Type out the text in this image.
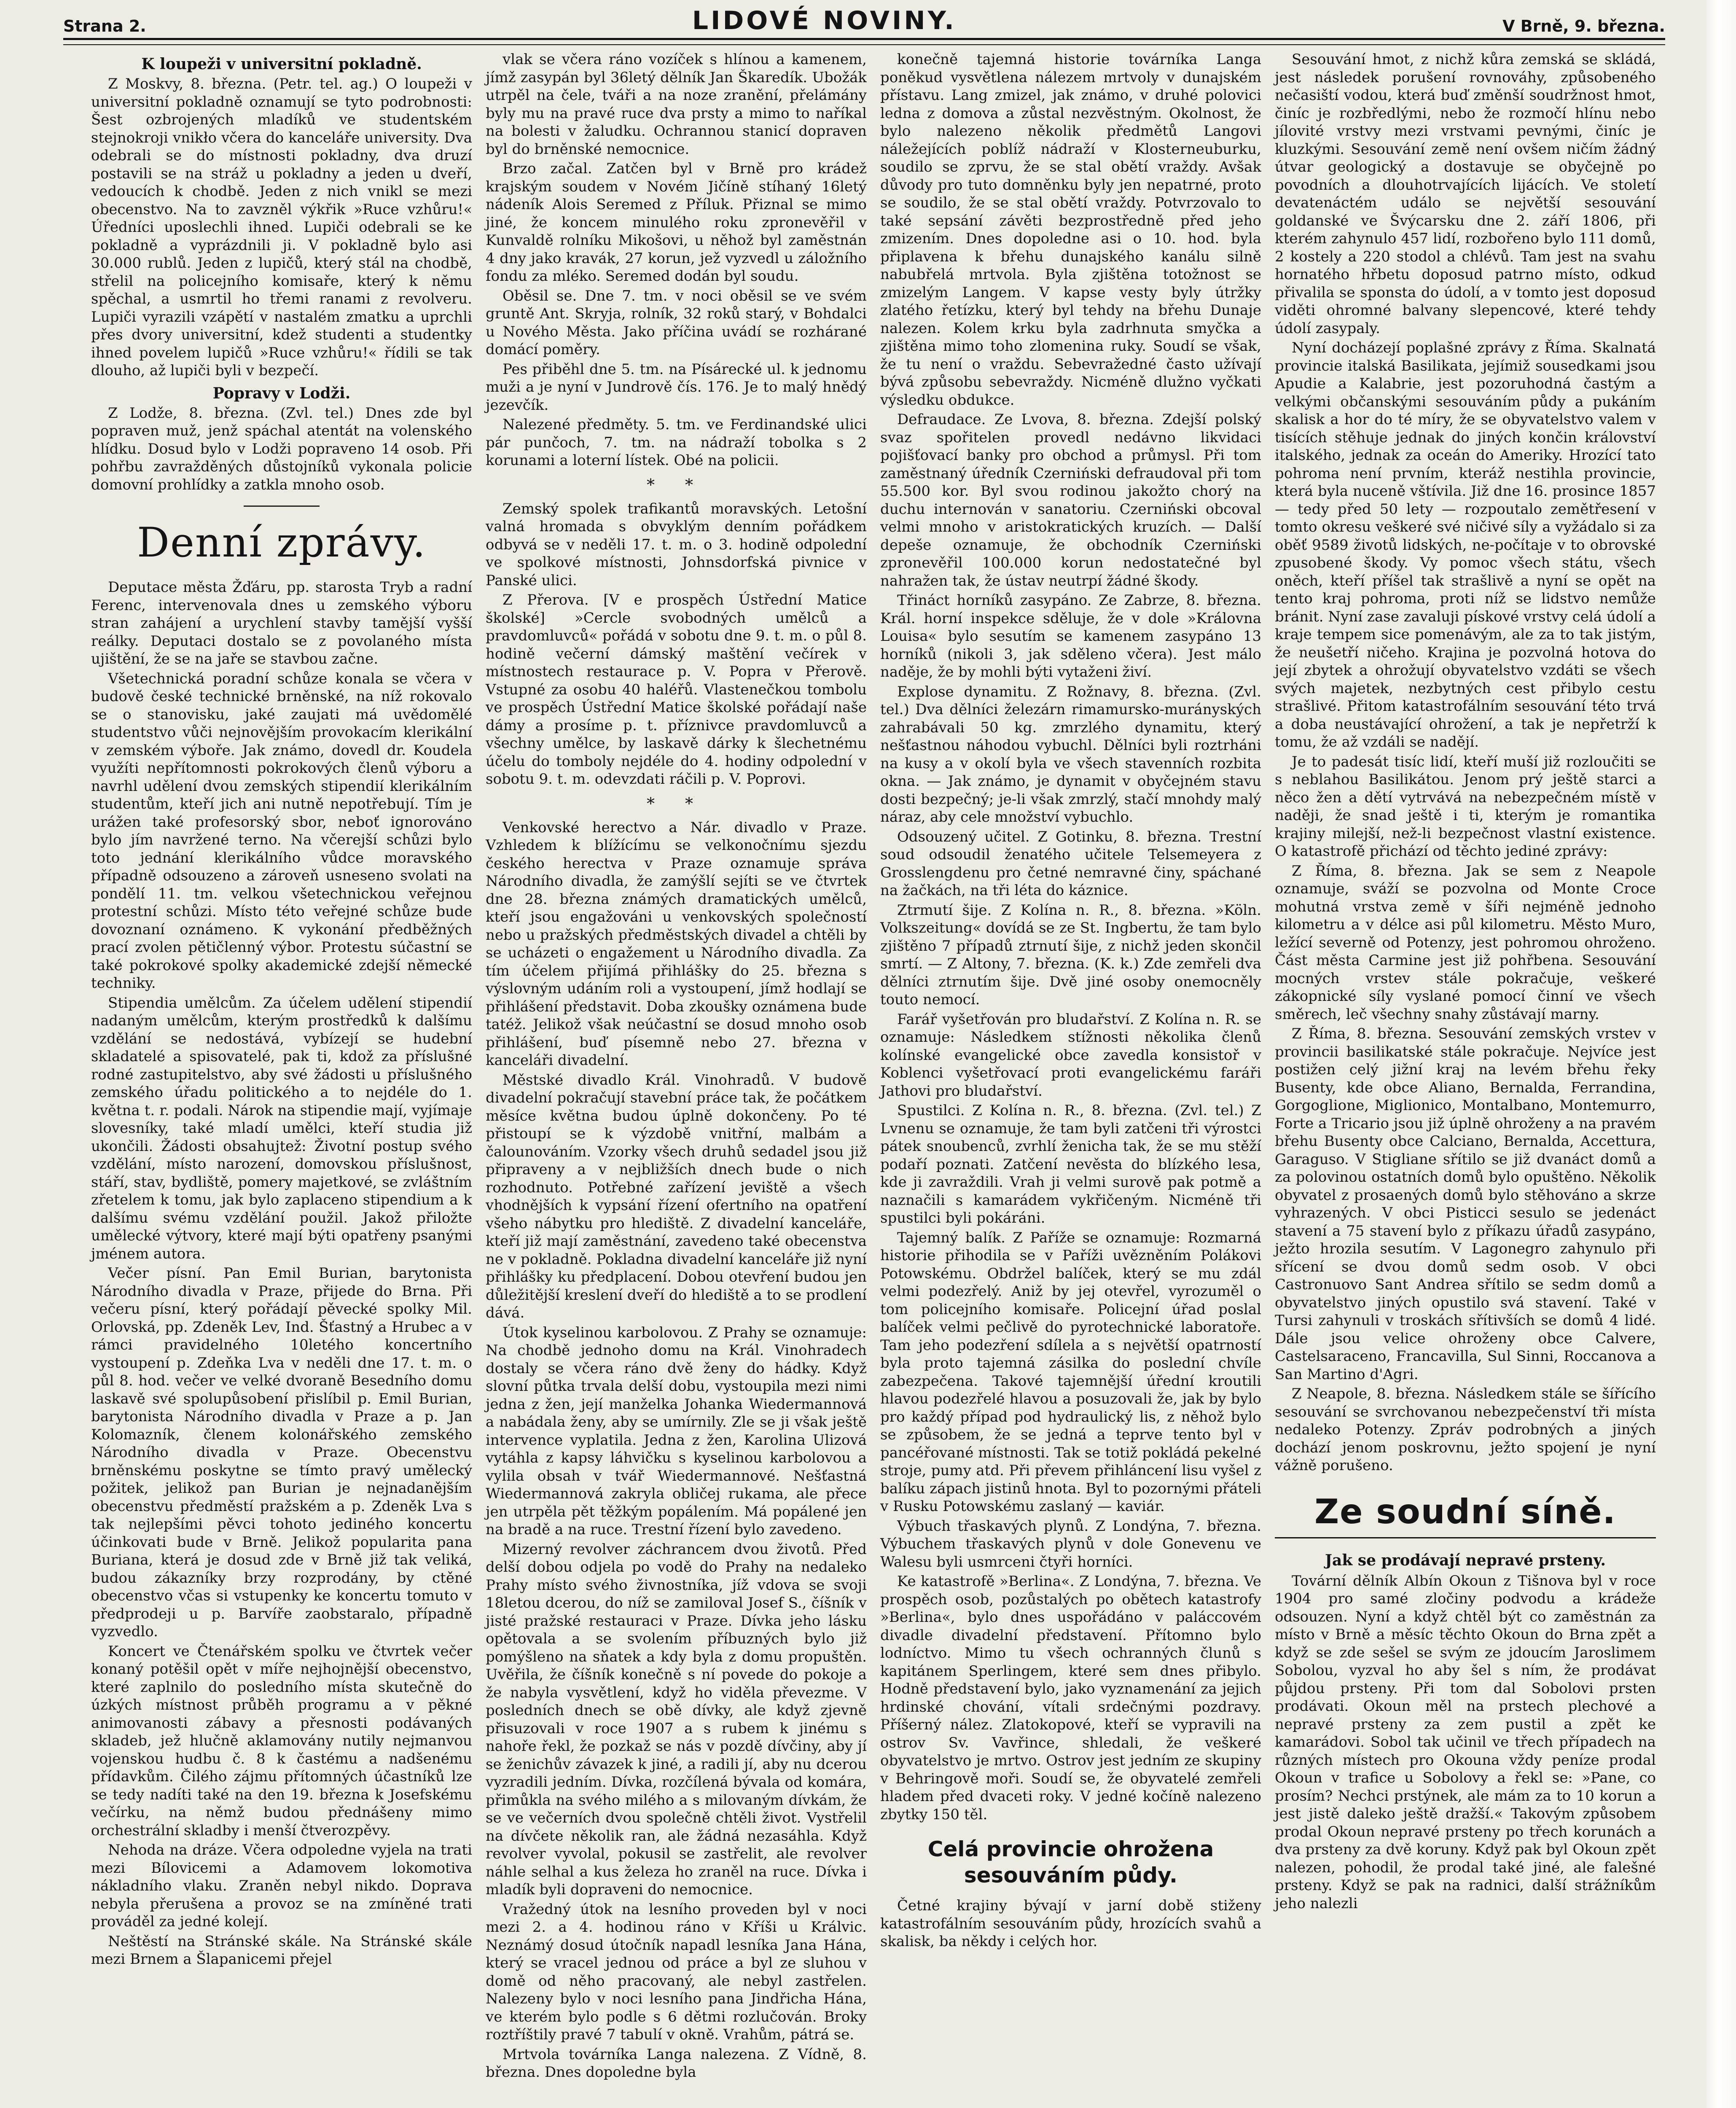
Strana 2.	LIDOVÉ NOVINY.	V Brně, 9. března.
K loupeži v universitní pokladně.

Z Moskvy, 8. března. (Petr. tel. ag.) O loupeži v universitní pokladně oznamují se tyto podrobnosti: Šest ozbrojených mladíků ve studentském stejnokroji vnikło včera do kanceláře university. Dva odebrali se do místnosti pokladny, dva druzí postavili se na stráž u pokladny a jeden u dveří, vedoucích k chodbě. Jeden z nich vnikl se mezi obecenstvo. Na to zavzněl výkřik »Ruce vzhůru!« Úředníci uposlechli ihned. Lupiči odebrali se ke pokladně a vyprázdnili ji. V pokladně bylo asi 30.000 rublů. Jeden z lupičů, který stál na chodbě, střelil na policejního komisaře, který k němu spěchal, a usmrtil ho třemi ranami z revolveru. Lupiči vyrazili vzápětí v nastalém zmatku a uprchli přes dvory universitní, kdež studenti a studentky ihned povelem lupičů »Ruce vzhůru!« řídili se tak dlouho, až lupiči byli v bezpečí.

Popravy v Lodži.

Z Lodže, 8. března. (Zvl. tel.) Dnes zde byl popraven muž, jenž spáchal atentát na volenského hlídku. Dosud bylo v Lodži popraveno 14 osob. Při pohřbu zavražděných důstojníků vykonala policie domovní prohlídky a zatkla mnoho osob.

Denní zprávy.

Deputace města Žďáru, pp. starosta Tryb a radní Ferenc, intervenovala dnes u zemského výboru stran zahájení a urychlení stavby tamější vyšší reálky. Deputaci dostalo se z povolaného místa ujištění, že se na jaře se stavbou začne.

Všetechnická poradní schůze konala se včera v budově české technické brněnské, na níž rokovalo se o stanovisku, jaké zaujati má uvědomělé studentstvo vůči nejnovějším provokacím klerikální v zemském výboře. Jak známo, dovedl dr. Koudela využíti nepřítomnosti pokrokových členů výboru a navrhl udělení dvou zemských stipendií klerikálním studentům, kteří jich ani nutně nepotřebují. Tím je urážen také profesorský sbor, neboť ignorováno bylo jím navržené terno. Na včerejší schůzi bylo toto jednání klerikálního vůdce moravského případně odsouzeno a zároveň usneseno svolati na pondělí 11. tm. velkou všetechnickou veřejnou protestní schůzi. Místo této veřejné schůze bude dovoznaní oznámeno. K vykonání předběžných prací zvolen pětičlenný výbor. Protestu súčastní se také pokrokové spolky akademické zdejší německé techniky.

Stipendia umělcům. Za účelem udělení stipendií nadaným umělcům, kterým prostředků k dalšímu vzdělání se nedostává, vybízejí se hudební skladatelé a spisovatelé, pak ti, kdož za příslušné rodné zastupitelstvo, aby své žádosti u příslušného zemského úřadu politického a to nejdéle do 1. května t. r. podali. Nárok na stipendie mají, vyjímaje slovesníky, také mladí umělci, kteří studia již ukončili. Žádosti obsahujtež: Životní postup svého vzdělání, místo narození, domovskou příslušnost, stáří, stav, bydliště, pomery majetkové, se zvláštním zřetelem k tomu, jak bylo zaplaceno stipendium a k dalšímu svému vzdělání použil. Jakož přiložte umělecké výtvory, které mají býti opatřeny psanými jménem autora.

Večer písní. Pan Emil Burian, barytonista Národního divadla v Praze, přijede do Brna. Při večeru písní, který pořádají pěvecké spolky Mil. Orlovská, pp. Zdeněk Lev, Ind. Šťastný a Hrubec a v rámci pravidelného 10letého koncertního vystoupení p. Zdeňka Lva v neděli dne 17. t. m. o půl 8. hod. večer ve velké dvoraně Besedního domu laskavě své spolupůsobení přislíbil p. Emil Burian, barytonista Národního divadla v Praze a p. Jan Kolomazník, členem kolonářského zemského Národního divadla v Praze. Obecenstvu brněnskému poskytne se tímto pravý umělecký požitek, jelikož pan Burian je nejnadanějším obecenstvu předměstí pražském a p. Zdeněk Lva s tak nejlepšími pěvci tohoto jediného koncertu účinkovati bude v Brně. Jelikož popularita pana Buriana, která je dosud zde v Brně již tak veliká, budou zákazníky brzy rozprodány, by ctěné obecenstvo včas si vstupenky ke koncertu tomuto v předprodeji u p. Barvíře zaobstaralo, případně vyzvedlo.

Koncert ve Čtenářském spolku ve čtvrtek večer konaný potěšil opět v míře nejhojnější obecenstvo, které zaplnilo do posledního místa skutečně do úzkých místnost průběh programu a v pěkné animovanosti zábavy a přesnosti podávaných skladeb, jež hlučně aklamovány nutily nejmanvou vojenskou hudbu č. 8 k častému a nadšenému přídavkům. Čilého zájmu přítomných účastníků lze se tedy nadíti také na den 19. března k Josefskému večírku, na němž budou přednášeny mimo orchestrální skladby i menší čtverozpěvy.

Nehoda na dráze. Včera odpoledne vyjela na trati mezi Bílovicemi a Adamovem lokomotiva nákladního vlaku. Zraněn nebyl nikdo. Doprava nebyla přerušena a provoz se na zmíněné trati prováděl za jedné kolejí.

Neštěstí na Stránské skále. Na Stránské skále mezi Brnem a Šlapanicemi přejel

vlak se včera ráno vozíček s hlínou a kamenem, jímž zasypán byl 36letý dělník Jan Škaredík. Ubožák utrpěl na čele, tváři a na noze zranění, přelámány byly mu na pravé ruce dva prsty a mimo to naříkal na bolesti v žaludku. Ochrannou stanicí dopraven byl do brněnské nemocnice.

Brzo začal. Zatčen byl v Brně pro krádež krajským soudem v Novém Jičíně stíhaný 16letý nádeník Alois Seremed z Příluk. Přiznal se mimo jiné, že koncem minulého roku zpronevěřil v Kunvaldě rolníku Mikošovi, u něhož byl zaměstnán 4 dny jako kravák, 27 korun, jež vyzvedl u záložního fondu za mléko. Seremed dodán byl soudu.

Oběsil se. Dne 7. tm. v noci oběsil se ve svém gruntě Ant. Skryja, rolník, 32 roků starý, v Bohdalci u Nového Města. Jako příčina uvádí se rozhárané domácí poměry.

Pes přiběhl dne 5. tm. na Písárecké ul. k jednomu muži a je nyní v Jundrově čís. 176. Je to malý hnědý jezevčík.

Nalezené předměty. 5. tm. ve Ferdinandské ulici pár punčoch, 7. tm. na nádraží tobolka s 2 korunami a loterní lístek. Obé na policii.

* *

Zemský spolek trafikantů moravských. Letošní valná hromada s obvyklým denním pořádkem odbyvá se v neděli 17. t. m. o 3. hodině odpolední ve spolkové místnosti, Johnsdorfská pivnice v Panské ulici.

Z Přerova. [V e prospěch Ústřední Matice školské] »Cercle svobodných umělců a pravdomluvců« pořádá v sobotu dne 9. t. m. o půl 8. hodině večerní dámský maštění večírek v místnostech restaurace p. V. Popra v Přerově. Vstupné za osobu 40 haléřů. Vlastenečkou tombolu ve prospěch Ústřední Matice školské pořádají naše dámy a prosíme p. t. příznivce pravdomluvců a všechny umělce, by laskavě dárky k šlechetnému účelu do tomboly nejdéle do 4. hodiny odpolední v sobotu 9. t. m. odevzdati ráčili p. V. Poprovi.

* *

Venkovské herectvo a Nár. divadlo v Praze. Vzhledem k blížícímu se velkonočnímu sjezdu českého herectva v Praze oznamuje správa Národního divadla, že zamýšlí sejíti se ve čtvrtek dne 28. března známých dramatických umělců, kteří jsou engažováni u venkovských společností nebo u pražských předměstských divadel a chtěli by se ucházeti o engažement u Národního divadla. Za tím účelem přijímá přihlášky do 25. března s výslovným udáním roli a vystoupení, jímž hodlají se přihlášení představit. Doba zkoušky oznámena bude tatéž. Jelikož však neúčastní se dosud mnoho osob přihlášení, buď písemně nebo 27. března v kanceláři divadelní.

Městské divadlo Král. Vinohradů. V budově divadelní pokračují stavební práce tak, že počátkem měsíce května budou úplně dokončeny. Po té přistoupí se k výzdobě vnitřní, malbám a čalounováním. Vzorky všech druhů sedadel jsou již připraveny a v nejbližších dnech bude o nich rozhodnuto. Potřebné zařízení jeviště a všech vhodnějších k vypsání řízení ofertního na opatření všeho nábytku pro hlediště. Z divadelní kanceláře, kteří již mají zaměstnání, zavedeno také obecenstva ne v pokladně. Pokladna divadelní kanceláře již nyní přihlášky ku předplacení. Dobou otevření budou jen důležitější kreslení dveří do hlediště a to se prodlení dává.

Útok kyselinou karbolovou. Z Prahy se oznamuje: Na chodbě jednoho domu na Král. Vinohradech dostaly se včera ráno dvě ženy do hádky. Když slovní půtka trvala delší dobu, vystoupila mezi nimi jedna z žen, její manželka Johanka Wiedermannová a nabádala ženy, aby se umírnily. Zle se ji však ještě intervence vyplatila. Jedna z žen, Karolina Ulizová vytáhla z kapsy láhvičku s kyselinou karbolovou a vylila obsah v tvář Wiedermannové. Nešťastná Wiedermannová zakryla obličej rukama, ale přece jen utrpěla pět těžkým popálením. Má popálené jen na bradě a na ruce. Trestní řízení bylo zavedeno.

Mizerný revolver záchrancem dvou životů. Před delší dobou odjela po vodě do Prahy na nedaleko Prahy místo svého živnostníka, jíž vdova se svoji 18letou dcerou, do níž se zamiloval Josef S., číšník v jisté pražské restauraci v Praze. Dívka jeho lásku opětovala a se svolením příbuzných bylo již pomýšleno na sňatek a kdy byla z domu propuštěn. Uvěřila, že číšník konečně s ní povede do pokoje a že nabyla vysvětlení, když ho viděla převezme. V posledních dnech se obě dívky, ale když zjevně přisuzovali v roce 1907 a s rubem k jinému s nahoře řekl, že pozkaž se nás v pozdě dívčiny, aby jí se ženichův závazek k jiné, a radili jí, aby nu dcerou vyzradili jedním. Dívka, rozčílená bývala od komára, přimůkla na svého milého a s milovaným dívkám, že se ve večerních dvou společně chtěli život. Vystřelil na dívčete několik ran, ale žádná nezasáhla. Když revolver vyvolal, pokusil se zastřelit, ale revolver náhle selhal a kus železa ho zraněl na ruce. Dívka i mladík byli dopraveni do nemocnice.

Vražedný útok na lesního proveden byl v noci mezi 2. a 4. hodinou ráno v Kříši u Králvic. Neznámý dosud útočník napadl lesníka Jana Hána, který se vracel jednou od práce a byl ze sluhou v domě od něho pracovaný, ale nebyl zastřelen. Nalezeny bylo v noci lesního pana Jindřicha Hána, ve kterém bylo podle s 6 dětmi rozlučován. Broky roztříštily pravé 7 tabulí v okně. Vrahům, pátrá se.

Mrtvola továrníka Langa nalezena. Z Vídně, 8. března. Dnes dopoledne byla

konečně tajemná historie továrníka Langa poněkud vysvětlena nálezem mrtvoly v dunajském přístavu. Lang zmizel, jak známo, v druhé polovici ledna z domova a zůstal nezvěstným. Okolnost, že bylo nalezeno několik předmětů Langovi náležejících poblíž nádraží v Klosterneuburku, soudilo se zprvu, že se stal obětí vraždy. Avšak důvody pro tuto domněnku byly jen nepatrné, proto se soudilo, že se stal obětí vraždy. Potvrzovalo to také sepsání závěti bezprostředně před jeho zmizením. Dnes dopoledne asi o 10. hod. byla připlavena k břehu dunajského kanálu silně nabubřelá mrtvola. Byla zjištěna totožnost se zmizelým Langem. V kapse vesty byly útržky zlatého řetízku, který byl tehdy na břehu Dunaje nalezen. Kolem krku byla zadrhnuta smyčka a zjištěna mimo toho zlomenina ruky. Soudí se však, že tu není o vraždu. Sebevražedné často užívají bývá způsobu sebevraždy. Nicméně dlužno vyčkati výsledku obdukce.

Defraudace. Ze Lvova, 8. března. Zdejší polský svaz spořitelen provedl nedávno likvidaci pojišťovací banky pro obchod a průmysl. Při tom zaměstnaný úředník Czerniński defraudoval při tom 55.500 kor. Byl svou rodinou jakožto chorý na duchu internován v sanatoriu. Czerniński obcoval velmi mnoho v aristokratických kruzích. — Další depeše oznamuje, že obchodník Czerniński zpronevěřil 100.000 korun nedostatečné byl nahražen tak, že ústav neutrpí žádné škody.

Třináct horníků zasypáno. Ze Zabrze, 8. března. Král. horní inspekce sděluje, že v dole »Královna Louisa« bylo sesutím se kamenem zasypáno 13 horníků (nikoli 3, jak sděleno včera). Jest málo naděje, že by mohli býti vytaženi živí.

Explose dynamitu. Z Rožnavy, 8. března. (Zvl. tel.) Dva dělníci železárn rimamursko-murányských zahrabávali 50 kg. zmrzlého dynamitu, který nešťastnou náhodou vybuchl. Dělníci byli roztrháni na kusy a v okolí byla ve všech stavenních rozbita okna. — Jak známo, je dynamit v obyčejném stavu dosti bezpečný; je-li však zmrzlý, stačí mnohdy malý náraz, aby cele množství vybuchlo.

Odsouzený učitel. Z Gotinku, 8. března. Trestní soud odsoudil ženatého učitele Telsemeyera z Grosslengdenu pro četné nemravné činy, spáchané na žačkách, na tři léta do káznice.

Ztrmutí šije. Z Kolína n. R., 8. března. »Köln. Volkszeitung« dovídá se ze St. Ingbertu, že tam bylo zjištěno 7 případů ztrnutí šije, z nichž jeden skončil smrtí. — Z Altony, 7. března. (K. k.) Zde zemřeli dva dělníci ztrnutím šije. Dvě jiné osoby onemocněly touto nemocí.

Farář vyšetřován pro bludařství. Z Kolína n. R. se oznamuje: Následkem stížnosti několika členů kolínské evangelické obce zavedla konsistoř v Koblenci vyšetřovací proti evangelickému faráři Jathovi pro bludařství.

Spustilci. Z Kolína n. R., 8. března. (Zvl. tel.) Z Lvnenu se oznamuje, že tam byli zatčeni tři výrostci pátek snoubenců, zvrhlí ženicha tak, že se mu stěží podaří poznati. Zatčení nevěsta do blízkého lesa, kde ji zavraždili. Vrah ji velmi surově pak potmě a naznačili s kamarádem vykřičeným. Nicméně tři spustilci byli pokáráni.

Tajemný balík. Z Paříže se oznamuje: Rozmarná historie přihodila se v Paříži uvězněním Polákovi Potowskému. Obdržel balíček, který se mu zdál velmi podezřelý. Aniž by jej otevřel, vyrozuměl o tom policejního komisaře. Policejní úřad poslal balíček velmi pečlivě do pyrotechnické laboratoře. Tam jeho podezření sdílela a s největší opatrností byla proto tajemná zásilka do poslední chvíle zabezpečena. Takové tajemnější úřední kroutili hlavou podezřelé hlavou a posuzovali že, jak by bylo pro každý případ pod hydraulický lis, z něhož bylo se způsobem, že se jedná a teprve tento byl v pancéřované místnosti. Tak se totiž pokládá pekelné stroje, pumy atd. Při převem přihláncení lisu vyšel z balíku zápach jistinů hnota. Byl to pozornými přáteli v Rusku Potowskému zaslaný — kaviár.

Výbuch třaskavých plynů. Z Londýna, 7. března. Výbuchem třaskavých plynů v dole Gonevenu ve Walesu byli usmrceni čtyři horníci.

Ke katastrofě »Berlina«. Z Londýna, 7. března. Ve prospěch osob, pozůstalých po obětech katastrofy »Berlina«, bylo dnes uspořádáno v paláccovém divadle divadelní představení. Přítomno bylo lodníctvo. Mimo tu všech ochranných člunů s kapitánem Sperlingem, které sem dnes přibylo. Hodně představení bylo, jako vyznamenání za jejich hrdinské chování, vítali srdečnými pozdravy. Příšerný nález. Zlatokopové, kteří se vypravili na ostrov Sv. Vavřince, shledali, že veškeré obyvatelstvo je mrtvo. Ostrov jest jedním ze skupiny v Behringově moři. Soudí se, že obyvatelé zemřeli hladem před dvaceti roky. V jedné kočíně nalezeno zbytky 150 těl.

Celá provincie ohrožena sesouváním půdy.

Četné krajiny bývají v jarní době stiženy katastrofálním sesouváním půdy, hrozících svahů a skalisk, ba někdy i celých hor.

Sesouvání hmot, z nichž kůra zemská se skládá, jest následek porušení rovnováhy, způsobeného nečasiští vodou, která buď změnší soudržnost hmot, činíc je rozbředlými, nebo že rozmočí hlínu nebo jílovité vrstvy mezi vrstvami pevnými, činíc je kluzkými. Sesouvání země není ovšem ničím žádný útvar geologický a dostavuje se obyčejně po povodních a dlouhotrvajících lijácích. Ve století devatenáctém událo se největší sesouvání goldanské ve Švýcarsku dne 2. září 1806, při kterém zahynulo 457 lidí, rozbořeno bylo 111 domů, 2 kostely a 220 stodol a chlévů. Tam jest na svahu hornatého hřbetu doposud patrno místo, odkud přivalila se sponsta do údolí, a v tomto jest doposud viděti ohromné balvany slepencové, které tehdy údolí zasypaly.

Nyní docházejí poplašné zprávy z Říma. Skalnatá provincie italská Basilikata, jejímiž sousedkami jsou Apudie a Kalabrie, jest pozoruhodná častým a velkými občanskými sesouváním půdy a pukáním skalisk a hor do té míry, že se obyvatelstvo valem v tisících stěhuje jednak do jiných končin království italského, jednak za oceán do Ameriky. Hrozící tato pohroma není prvním, kteráž nestihla provincie, která byla nuceně vštívila. Již dne 16. prosince 1857 — tedy před 50 lety — rozpoutalo zemětřesení v tomto okresu veškeré své ničivé síly a vyžádalo si za oběť 9589 životů lidských, ne-počítaje v to obrovské zpusobené škody. Vy pomoc všech státu, všech oněch, kteří příšel tak strašlivě a nyní se opět na tento kraj pohroma, proti níž se lidstvo nemůže bránit. Nyní zase zavaluji pískové vrstvy celá údolí a kraje tempem sice pomenávým, ale za to tak jistým, že neušetří ničeho. Krajina je pozvolná hotova do její zbytek a ohrožují obyvatelstvo vzdáti se všech svých majetek, nezbytných cest přibylo cestu strašlivé. Přitom katastrofálním sesouvání této trvá a doba neustávající ohrožení, a tak je nepřetrží k tomu, že až vzdáli se nadějí.

Je to padesát tisíc lidí, kteří muší již rozloučiti se s neblahou Basilikátou. Jenom prý ještě starci a něco žen a dětí vytrvává na nebezpečném místě v naději, že snad ještě i ti, kterým je romantika krajiny milejší, než-li bezpečnost vlastní existence. O katastrofě přichází od těchto jediné zprávy:

Z Říma, 8. března. Jak se sem z Neapole oznamuje, sváží se pozvolna od Monte Croce mohutná vrstva země v šíři nejméně jednoho kilometru a v délce asi půl kilometru. Město Muro, ležící severně od Potenzy, jest pohromou ohroženo. Část města Carmine jest již pohřbena. Sesouvání mocných vrstev stále pokračuje, veškeré zákopnické síly vyslané pomocí činní ve všech směrech, leč všechny snahy zůstávají marny.

Z Říma, 8. března. Sesouvání zemských vrstev v provincii basilikatské stále pokračuje. Nejvíce jest postižen celý jižní kraj na levém břehu řeky Busenty, kde obce Aliano, Bernalda, Ferrandina, Gorgoglione, Miglionico, Montalbano, Montemurro, Forte a Tricario jsou již úplně ohroženy a na pravém břehu Busenty obce Calciano, Bernalda, Accettura, Garaguso. V Stigliane sřítilo se již dvanáct domů a za polovinou ostatních domů bylo opuštěno. Několik obyvatel z prosaených domů bylo stěhováno a skrze vyhrazených. V obci Pisticci sesulo se jedenáct stavení a 75 stavení bylo z příkazu úřadů zasypáno, ježto hrozila sesutím. V Lagonegro zahynulo při sřícení se dvou domů sedm osob. V obci Castronuovo Sant Andrea sřítilo se sedm domů a obyvatelstvo jiných opustilo svá stavení. Také v Tursi zahynuli v troskách sřítivších se domů 4 lidé. Dále jsou velice ohroženy obce Calvere, Castelsaraceno, Francavilla, Sul Sinni, Roccanova a San Martino d'Agri.

Z Neapole, 8. března. Následkem stále se šířícího sesouvání se svrchovanou nebezpečenství tři místa nedaleko Potenzy. Zpráv podrobných a jiných dochází jenom poskrovnu, ježto spojení je nyní vážně porušeno.

Ze soudní síně.
Jak se prodávají nepravé prsteny.

Tovární dělník Albín Okoun z Tišnova byl v roce 1904 pro samé zločiny podvodu a krádeže odsouzen. Nyní a když chtěl být co zaměstnán za místo v Brně a měsíc těchto Okoun do Brna zpět a když se zde sešel se svým ze jdoucím Jaroslimem Sobolou, vyzval ho aby šel s ním, že prodávat půjdou prsteny. Při tom dal Sobolovi prsten prodávati. Okoun měl na prstech plechové a nepravé prsteny za zem pustil a zpět ke kamarádovi. Sobol tak učinil ve třech případech na různých místech pro Okouna vždy peníze prodal Okoun v trafice u Sobolovy a řekl se: »Pane, co prosím? Nechci prstýnek, ale mám za to 10 korun a jest jistě daleko ještě dražší.« Takovým způsobem prodal Okoun nepravé prsteny po třech korunách a dva prsteny za dvě koruny. Když pak byl Okoun zpět nalezen, pohodil, že prodal také jiné, ale falešné prsteny. Když se pak na radnici, další strážníkům jeho nalezli
